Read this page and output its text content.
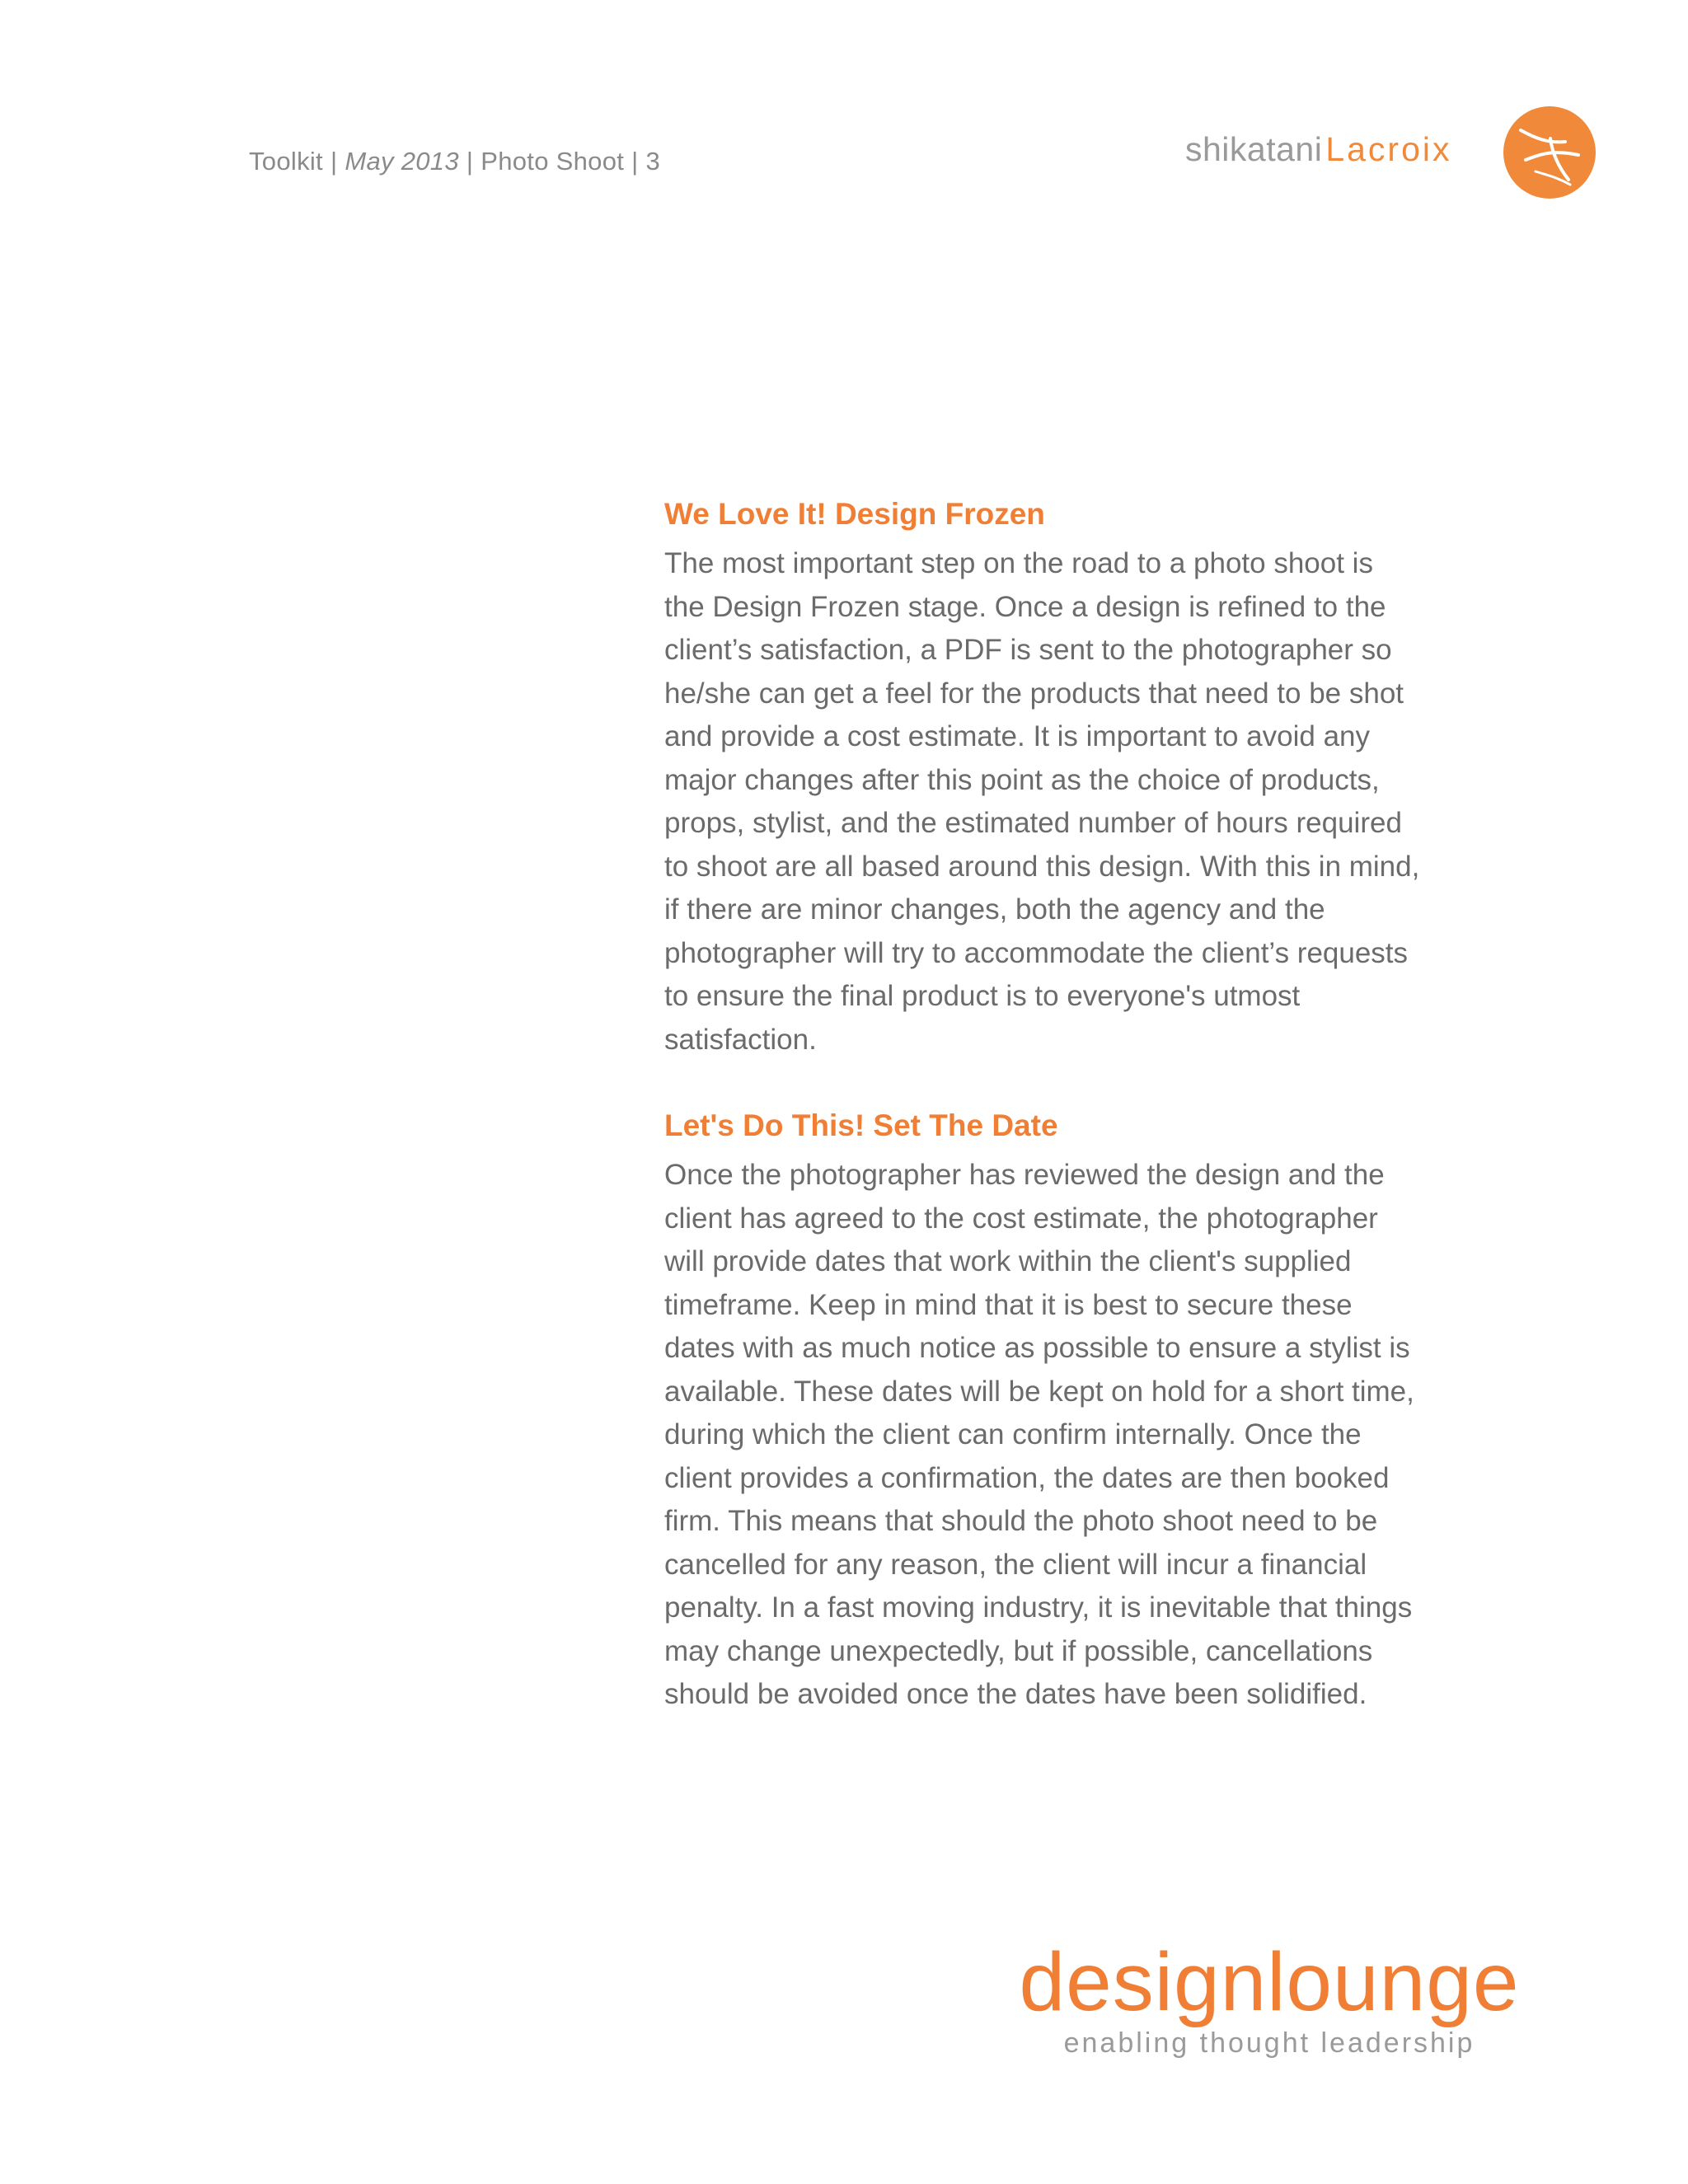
Toolkit | May 2013 | Photo Shoot | 3	shikataniLacroix
We Love It! Design Frozen

The most important step on the road to a photo shoot is
the Design Frozen stage. Once a design is refined to the
client’s satisfaction, a PDF is sent to the photographer so
he/she can get a feel for the products that need to be shot
and provide a cost estimate. It is important to avoid any
major changes after this point as the choice of products,
props, stylist, and the estimated number of hours required
to shoot are all based around this design. With this in mind,
if there are minor changes, both the agency and the
photographer will try to accommodate the client’s requests
to ensure the final product is to everyone's utmost
satisfaction.

Let's Do This! Set The Date

Once the photographer has reviewed the design and the
client has agreed to the cost estimate, the photographer
will provide dates that work within the client's supplied
timeframe. Keep in mind that it is best to secure these
dates with as much notice as possible to ensure a stylist is
available. These dates will be kept on hold for a short time,
during which the client can confirm internally. Once the
client provides a confirmation, the dates are then booked
firm. This means that should the photo shoot need to be
cancelled for any reason, the client will incur a financial
penalty. In a fast moving industry, it is inevitable that things
may change unexpectedly, but if possible, cancellations
should be avoided once the dates have been solidified.

designlounge
enabling thought leadership
